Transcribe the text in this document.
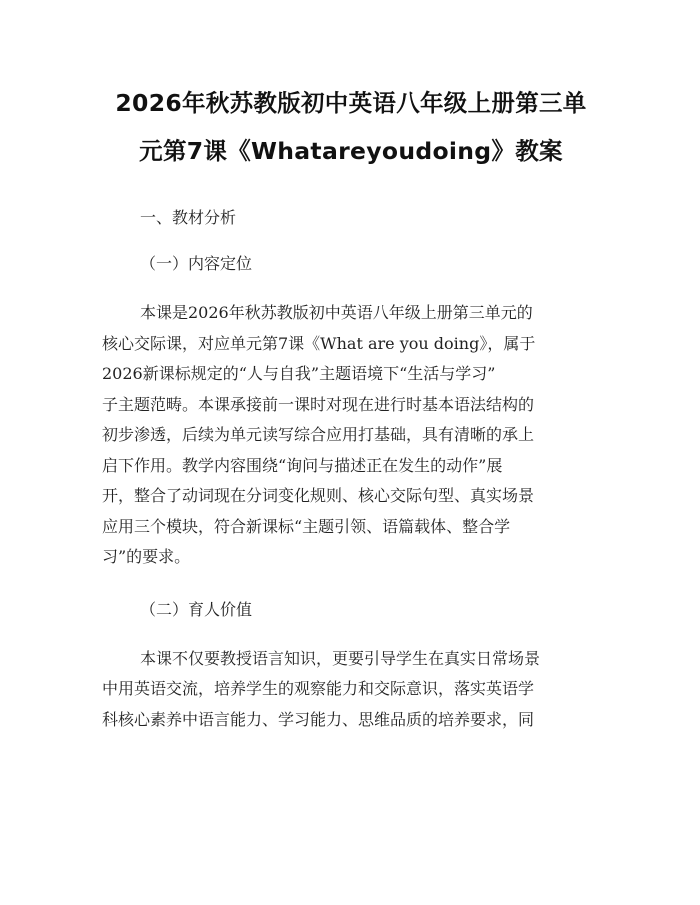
2026年秋苏教版初中英语八年级上册第三单
元第7课《Whatareyoudoing》教案

一、教材分析

（一）内容定位

本课是2026年秋苏教版初中英语八年级上册第三单元的
核心交际课，对应单元第7课《What are you doing》，属于
2026新课标规定的“人与自我”主题语境下“生活与学习”
子主题范畴。本课承接前一课时对现在进行时基本语法结构的
初步渗透，后续为单元读写综合应用打基础，具有清晰的承上
启下作用。教学内容围绕“询问与描述正在发生的动作”展
开，整合了动词现在分词变化规则、核心交际句型、真实场景
应用三个模块，符合新课标“主题引领、语篇载体、整合学
习”的要求。

（二）育人价值

本课不仅要教授语言知识，更要引导学生在真实日常场景
中用英语交流，培养学生的观察能力和交际意识，落实英语学
科核心素养中语言能力、学习能力、思维品质的培养要求，同
